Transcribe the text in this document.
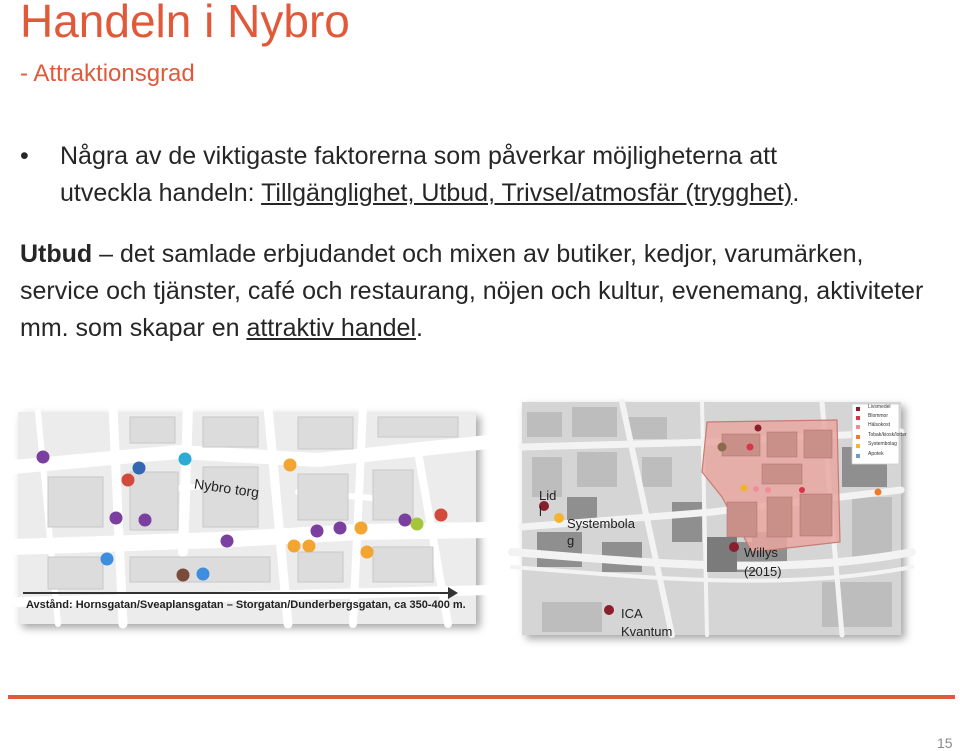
Handeln i Nybro
- Attraktionsgrad
• Några av de viktigaste faktorerna som påverkar möjligheterna att
utveckla handeln: Tillgänglighet, Utbud, Trivsel/atmosfär (trygghet).
Utbud – det samlade erbjudandet och mixen av butiker, kedjor, varumärken, service och tjänster, café och restaurang, nöjen och kultur, evenemang, aktiviteter mm. som skapar en attraktiv handel.
Nybro torg
Avstånd: Hornsgatan/Sveaplansgatan – Storgatan/Dunderbergsgatan, ca 350-400 m.
Livsmedel
Blommor
Hälsokost
Tobak/kiosk/lotter
Systembolag
Apotek
Lid
l
Systembola
g
Willys
(2015)
ICA
Kvantum
15
